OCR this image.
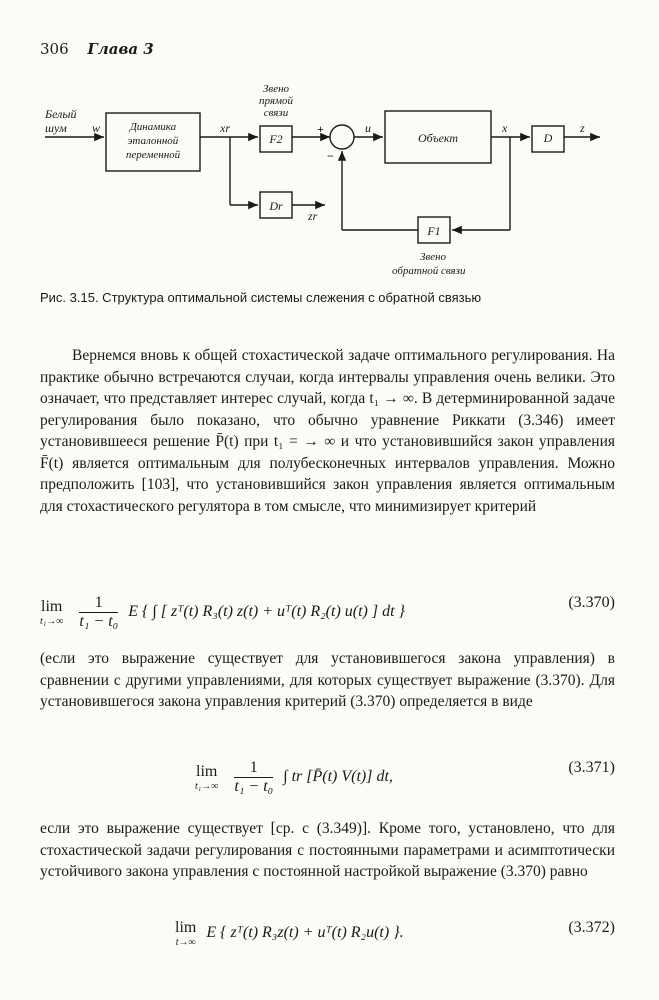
306 Глава 3
Белый
шум w	Динамика
эталонной
переменной
xr
Звено
прямой
связи
F2
Dr
zr
+
−
u
Объект
x
D
z
F1
Звено
обратной связи
Рис. 3.15. Структура оптимальной системы слежения с обратной связью
Вернемся вновь к общей стохастической задаче оптимального регулирования. На практике обычно встречаются случаи, когда интервалы управления очень велики. Это означает, что представляет интерес случай, когда t₁ → ∞. В детерминированной задаче регулирования было показано, что обычно уравнение Риккати (3.346) имеет установившееся решение P̄(t) при t₁ = → ∞ и что установившийся закон управления F̄(t) является оптимальным для полубесконечных интервалов управления. Можно предположить [103], что установившийся закон управления является оптимальным для стохастического регулятора в том смысле, что минимизирует критерий
lim
t₁→∞
$\frac{1}{\text{t₁ − t₀}}$ E { ∫ [ zᵀ(t) R₃(t) z(t) + uᵀ(t) R₂(t) u(t) ] dt }
(3.370)
(если это выражение существует для установившегося закона управления) в сравнении с другими управлениями, для которых существует выражение (3.370). Для установившегося закона управления критерий (3.370) определяется в виде
lim
t₁→∞
$\frac{1}{\text{t₁ − t₀}}$ ∫ tr [P̄(t) V(t)] dt,
(3.371)
если это выражение существует [ср. с (3.349)]. Кроме того, установлено, что для стохастической задачи регулирования с постоянными параметрами и асимптотически устойчивого закона управления с постоянной настройкой выражение (3.370) равно
lim
t→∞
E { zᵀ(t) R₃z(t) + uᵀ(t) R₂u(t) }.	(3.372)
